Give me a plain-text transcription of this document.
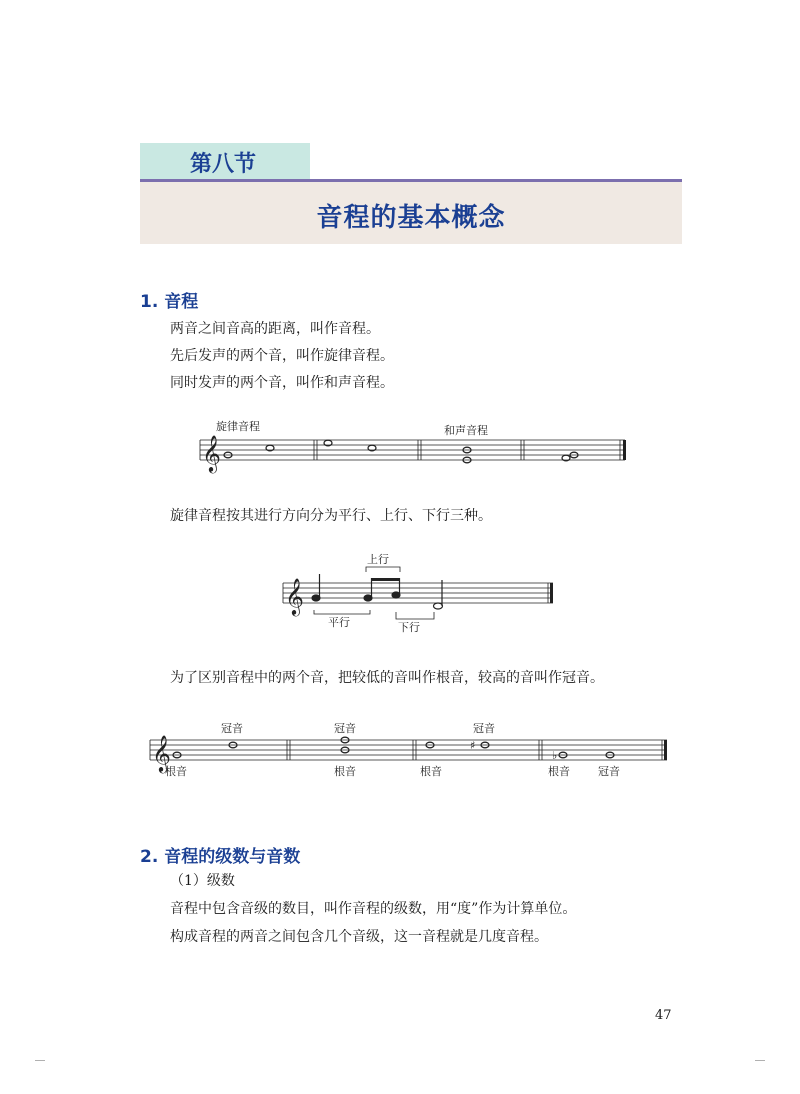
第八节
音程的基本概念
1. 音程
两音之间音高的距离，叫作音程。
先后发声的两个音，叫作旋律音程。
同时发声的两个音，叫作和声音程。
𝄞
旋律音程	和声音程
旋律音程按其进行方向分为平行、上行、下行三种。
𝄞
上行
平行	下行
为了区别音程中的两个音，把较低的音叫作根音，较高的音叫作冠音。
𝄞	♯
♭
冠音	冠音	冠音
冠音
根音	根音	根音	根音
2. 音程的级数与音数
（1）级数
音程中包含音级的数目，叫作音程的级数，用“度”作为计算单位。
构成音程的两音之间包含几个音级，这一音程就是几度音程。
47
